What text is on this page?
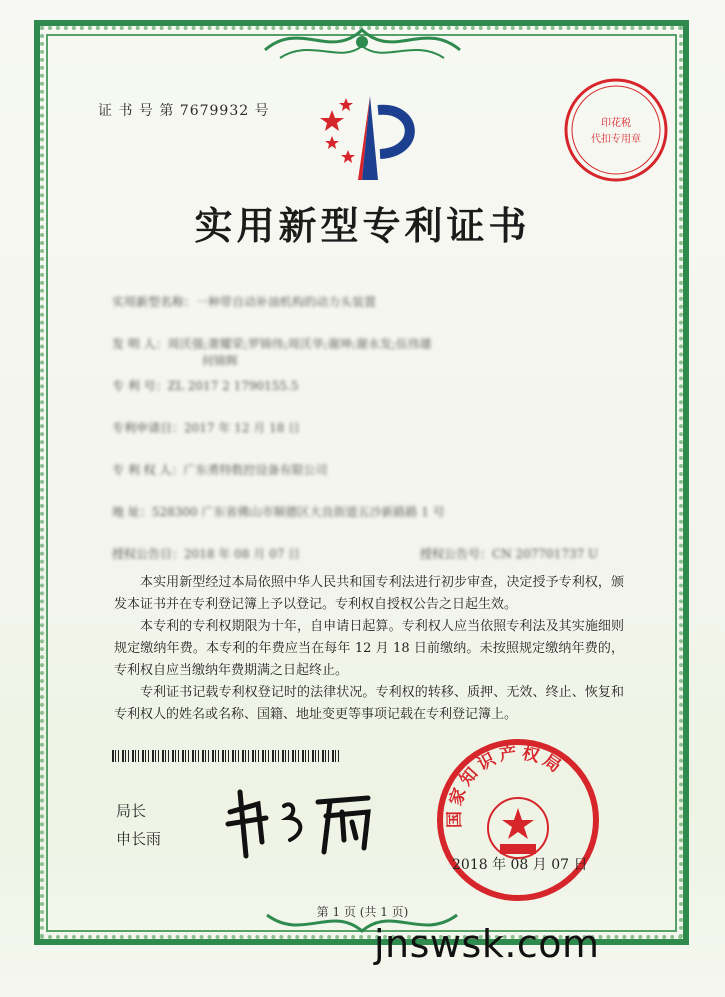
证 书 号 第 7679932 号
印花税
代扣专用章
实用新型专利证书
实用新型名称：一种带自动补油机构的动力头装置
发 明 人：周沃强;萧耀荣;罗锦伟;周沃华;谢坤;谢永发;伍伟雄
何锦辉
专 利 号：ZL 2017 2 1790155.5
专利申请日：2017 年 12 月 18 日
专 利 权 人：广东勇特数控设备有限公司
地 址：528300 广东省佛山市顺德区大良街道五沙新路路 1 号
授权公告日：2018 年 08 月 07 日	授权公告号：CN 207701737 U
本实用新型经过本局依照中华人民共和国专利法进行初步审查，决定授予专利权，颁发本证书并在专利登记簿上予以登记。专利权自授权公告之日起生效。
本专利的专利权期限为十年，自申请日起算。专利权人应当依照专利法及其实施细则规定缴纳年费。本专利的年费应当在每年 12 月 18 日前缴纳。未按照规定缴纳年费的，专利权自应当缴纳年费期满之日起终止。
专利证书记载专利权登记时的法律状况。专利权的转移、质押、无效、终止、恢复和专利权人的姓名或名称、国籍、地址变更等事项记载在专利登记簿上。
局长
申长雨
国家知识产权局
2018 年 08 月 07 日
第 1 页 (共 1 页)
jnswsk.com
